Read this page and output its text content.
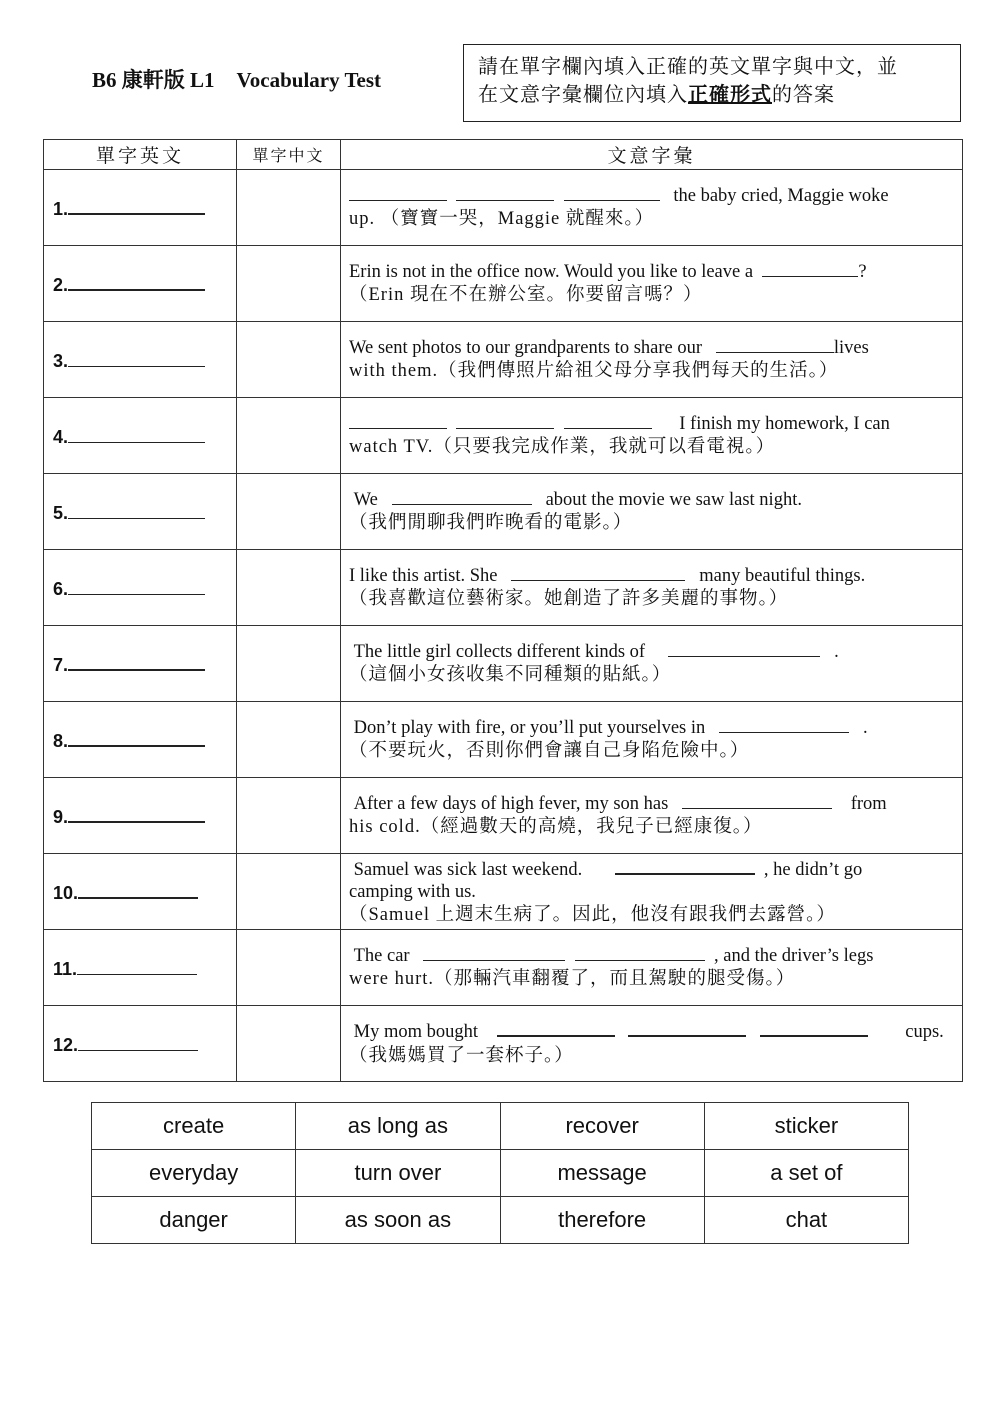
B6 康軒版 L1 Vocabulary Test
請在單字欄內填入正確的英文單字與中文，並
在文意字彙欄位內填入正確形式的答案
單字英文	單字中文	文意字彙
1.		the baby cried, Maggie woke
up. （寶寶一哭，Maggie 就醒來。）

2.		Erin is not in the office now. Would you like to leave a ?
（Erin 現在不在辦公室。你要留言嗎？）

3.		We sent photos to our grandparents to share our lives
with them.（我們傳照片給祖父母分享我們每天的生活。）

4.		I finish my homework, I can
watch TV.（只要我完成作業，我就可以看電視。）

5.		We about the movie we saw last night.
（我們閒聊我們昨晚看的電影。）

6.		I like this artist. She many beautiful things.
（我喜歡這位藝術家。她創造了許多美麗的事物。）

7.		The little girl collects different kinds of .
（這個小女孩收集不同種類的貼紙。）

8.		Don’t play with fire, or you’ll put yourselves in .
（不要玩火，否則你們會讓自己身陷危險中。）

9.		After a few days of high fever, my son has from
his cold.（經過數天的高燒，我兒子已經康復。）

10.		Samuel was sick last weekend. , he didn’t go
camping with us.
（Samuel 上週末生病了。因此，他沒有跟我們去露營。）

11.		The car , and the driver’s legs
were hurt.（那輛汽車翻覆了，而且駕駛的腿受傷。）

12.		My mom bought cups.
（我媽媽買了一套杯子。）
create	as long as	recover	sticker
everyday	turn over	message	a set of
danger	as soon as	therefore	chat
